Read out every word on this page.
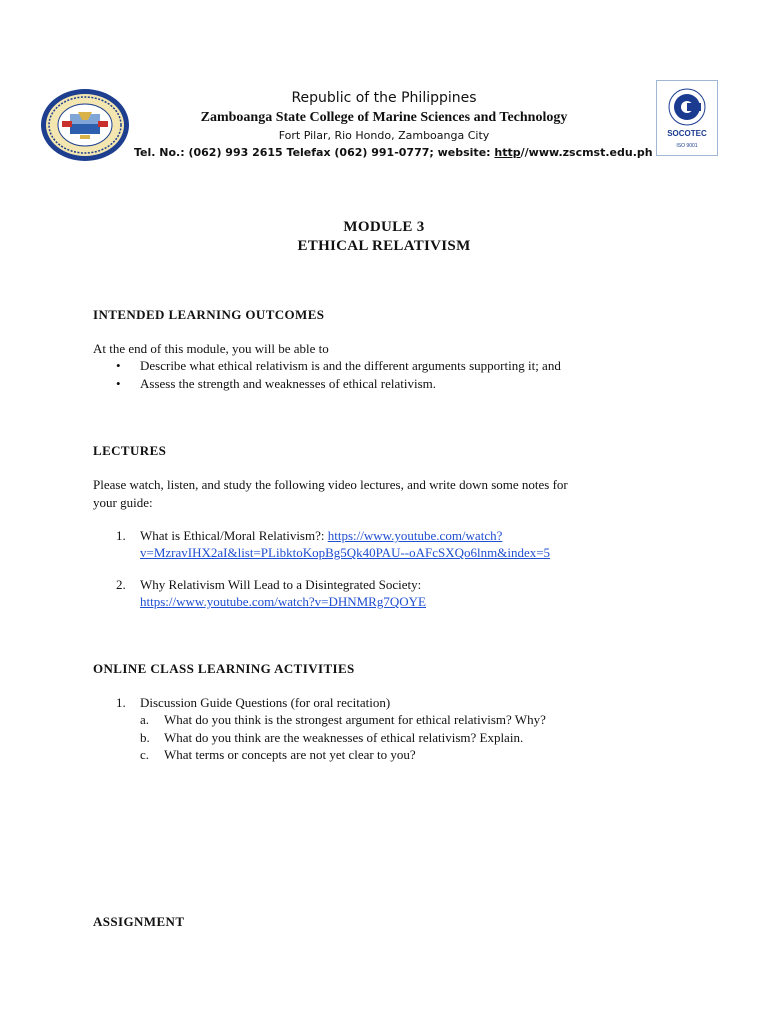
Republic of the Philippines
Zamboanga State College of Marine Sciences and Technology
Fort Pilar, Rio Hondo, Zamboanga City
Tel. No.: (062) 993 2615 Telefax (062) 991-0777; website: http//www.zscmst.edu.ph
SOCOTEC
ISO 9001
MODULE 3
ETHICAL RELATIVISM
INTENDED LEARNING OUTCOMES
At the end of this module, you will be able to
• Describe what ethical relativism is and the different arguments supporting it; and
• Assess the strength and weaknesses of ethical relativism.
LECTURES
Please watch, listen, and study the following video lectures, and write down some notes for
your guide:
1. What is Ethical/Moral Relativism?: https://www.youtube.com/watch?
v=MzravIHX2aI&list=PLibktoKopBg5Qk40PAU--oAFcSXQo6lnm&index=5
2. Why Relativism Will Lead to a Disintegrated Society:
https://www.youtube.com/watch?v=DHNMRg7QOYE
ONLINE CLASS LEARNING ACTIVITIES
1. Discussion Guide Questions (for oral recitation)
a. What do you think is the strongest argument for ethical relativism? Why?
b. What do you think are the weaknesses of ethical relativism? Explain.
c. What terms or concepts are not yet clear to you?
ASSIGNMENT
